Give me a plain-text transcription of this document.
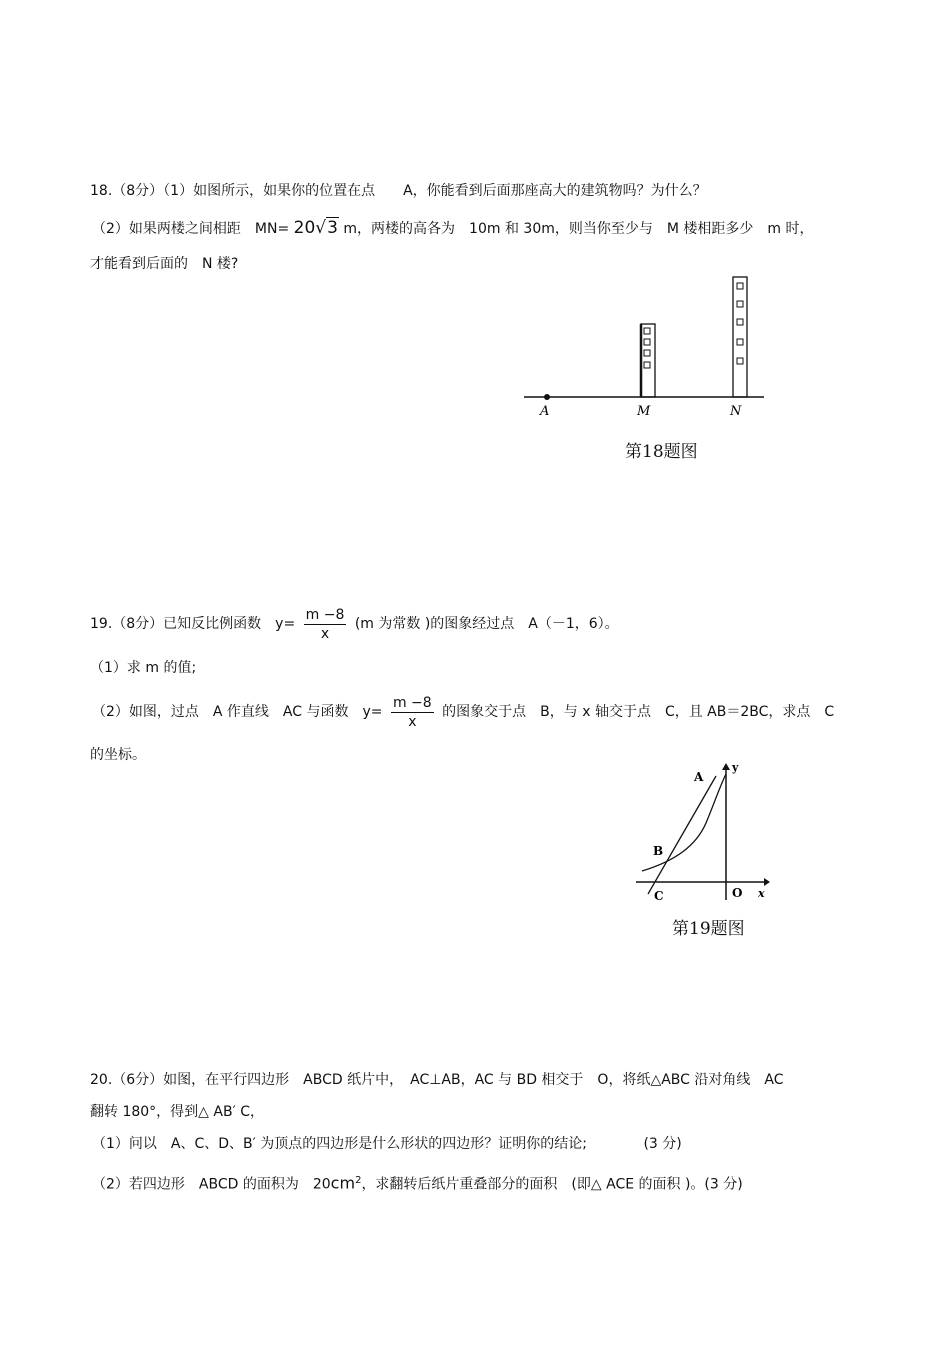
18.（8分）（1）如图所示，如果你的位置在点　　A，你能看到后面那座高大的建筑物吗？为什么？
（2）如果两楼之间相距　MN= 20√3 m，两楼的高各为　10m 和 30m，则当你至少与　M 楼相距多少　m 时，
才能看到后面的　N 楼?
A	M	N
第18题图
19.（8分）已知反比例函数　$y= \frac{m -8}{x} (m$ 为常数 )的图象经过点　A（－1，6）。
（1）求 m 的值;
（2）如图，过点　A 作直线　AC 与函数　$y= \frac{m -8}{x}$ 的图象交于点　B，与 x 轴交于点　C，且 AB＝2BC，求点　C
的坐标。
A
y
B
C	O x
第19题图
20.（6分）如图，在平行四边形　ABCD 纸片中，　AC⊥AB，AC 与 BD 相交于　O，将纸△ABC 沿对角线　AC
翻转 180°，得到△ AB′ C，
（1）问以　A、C、D、B′ 为顶点的四边形是什么形状的四边形？证明你的结论;	(3 分)
（2）若四边形　ABCD 的面积为　$20cm^2$，求翻转后纸片重叠部分的面积　(即△ ACE 的面积 )。(3 分)
